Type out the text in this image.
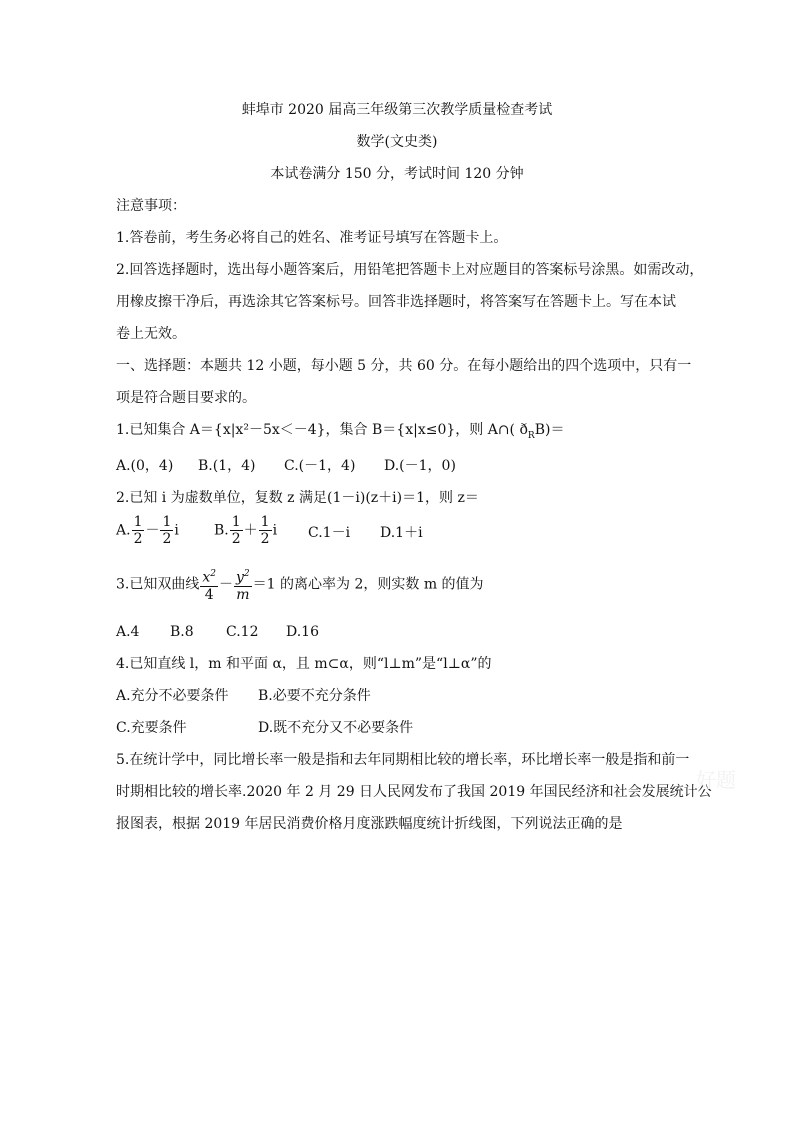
蚌埠市 2020 届高三年级第三次教学质量检查考试
数学(文史类)
本试卷满分 150 分，考试时间 120 分钟
注意事项：
1.答卷前，考生务必将自己的姓名、准考证号填写在答题卡上。
2.回答选择题时，选出每小题答案后，用铅笔把答题卡上对应题目的答案标号涂黑。如需改动，
用橡皮擦干净后，再选涂其它答案标号。回答非选择题时，将答案写在答题卡上。写在本试
卷上无效。
一、选择题：本题共 12 小题，每小题 5 分，共 60 分。在每小题给出的四个选项中，只有一
项是符合题目要求的。
1.已知集合 A＝{x|x²－5x＜－4}，集合 B＝{x|x≤0}，则 A∩( $ð_RB)=$
A.(0，4) B.(1，4) C.(－1，4) D.(－1，0)
2.已知 i 为虚数单位，复数 z 满足(1－i)(z＋i)＝1，则 z＝
A. $\frac{1}{2} - \frac{1}{2}$ i	B. $\frac{1}{2} + \frac{1}{2}$ i C.1－i D.1＋i
3.已知双曲线 $\frac{x^2}{4} - \frac{y^2}{m} =1$ 的离心率为 2，则实数 m 的值为
A.4 B.8 C.12 D.16
4.已知直线 l，m 和平面 α，且 m⊂α，则“l⊥m”是“l⊥α”的
A.充分不必要条件 B.必要不充分条件
C.充要条件	D.既不充分又不必要条件
5.在统计学中，同比增长率一般是指和去年同期相比较的增长率，环比增长率一般是指和前一
时期相比较的增长率.2020 年 2 月 29 日人民网发布了我国 2019 年国民经济和社会发展统计公
报图表，根据 2019 年居民消费价格月度涨跌幅度统计折线图，下列说法正确的是
好题
